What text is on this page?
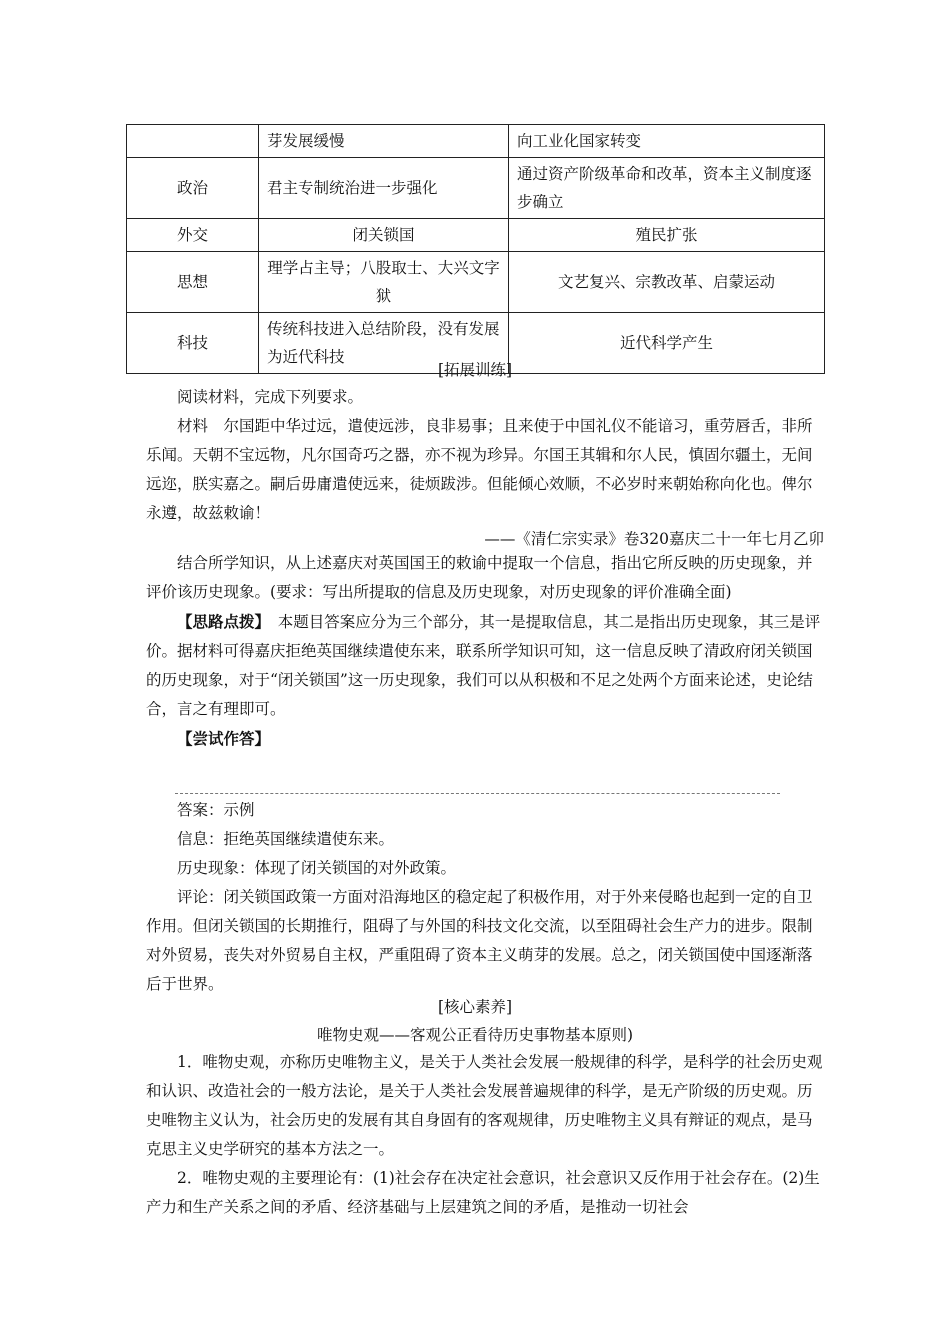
	芽发展缓慢	向工业化国家转变
政治	君主专制统治进一步强化	通过资产阶级革命和改革，资本主义制度逐步确立
外交	闭关锁国	殖民扩张
思想	理学占主导；八股取士、大兴文字狱	文艺复兴、宗教改革、启蒙运动
科技	传统科技进入总结阶段，没有发展为近代科技	近代科学产生
[拓展训练]

阅读材料，完成下列要求。

材料　尔国距中华过远，遣使远涉，良非易事；且来使于中国礼仪不能谙习，重劳唇舌，非所乐闻。天朝不宝远物，凡尔国奇巧之器，亦不视为珍异。尔国王其辑和尔人民，慎固尔疆土，无间远迩，朕实嘉之。嗣后毋庸遣使远来，徒烦跋涉。但能倾心效顺，不必岁时来朝始称向化也。俾尔永遵，故兹敕谕！

——《清仁宗实录》卷320嘉庆二十一年七月乙卯

结合所学知识，从上述嘉庆对英国国王的敕谕中提取一个信息，指出它所反映的历史现象，并评价该历史现象。(要求：写出所提取的信息及历史现象，对历史现象的评价准确全面)

【思路点拨】　本题目答案应分为三个部分，其一是提取信息，其二是指出历史现象，其三是评价。据材料可得嘉庆拒绝英国继续遣使东来，联系所学知识可知，这一信息反映了清政府闭关锁国的历史现象，对于“闭关锁国”这一历史现象，我们可以从积极和不足之处两个方面来论述，史论结合，言之有理即可。

【尝试作答】

答案：示例

信息：拒绝英国继续遣使东来。

历史现象：体现了闭关锁国的对外政策。

评论：闭关锁国政策一方面对沿海地区的稳定起了积极作用，对于外来侵略也起到一定的自卫作用。但闭关锁国的长期推行，阻碍了与外国的科技文化交流，以至阻碍社会生产力的进步。限制对外贸易，丧失对外贸易自主权，严重阻碍了资本主义萌芽的发展。总之，闭关锁国使中国逐渐落后于世界。

[核心素养]
唯物史观——客观公正看待历史事物基本原则)

1．唯物史观，亦称历史唯物主义，是关于人类社会发展一般规律的科学，是科学的社会历史观和认识、改造社会的一般方法论，是关于人类社会发展普遍规律的科学，是无产阶级的历史观。历史唯物主义认为，社会历史的发展有其自身固有的客观规律，历史唯物主义具有辩证的观点，是马克思主义史学研究的基本方法之一。

2．唯物史观的主要理论有：(1)社会存在决定社会意识，社会意识又反作用于社会存在。(2)生产力和生产关系之间的矛盾、经济基础与上层建筑之间的矛盾，是推动一切社会
